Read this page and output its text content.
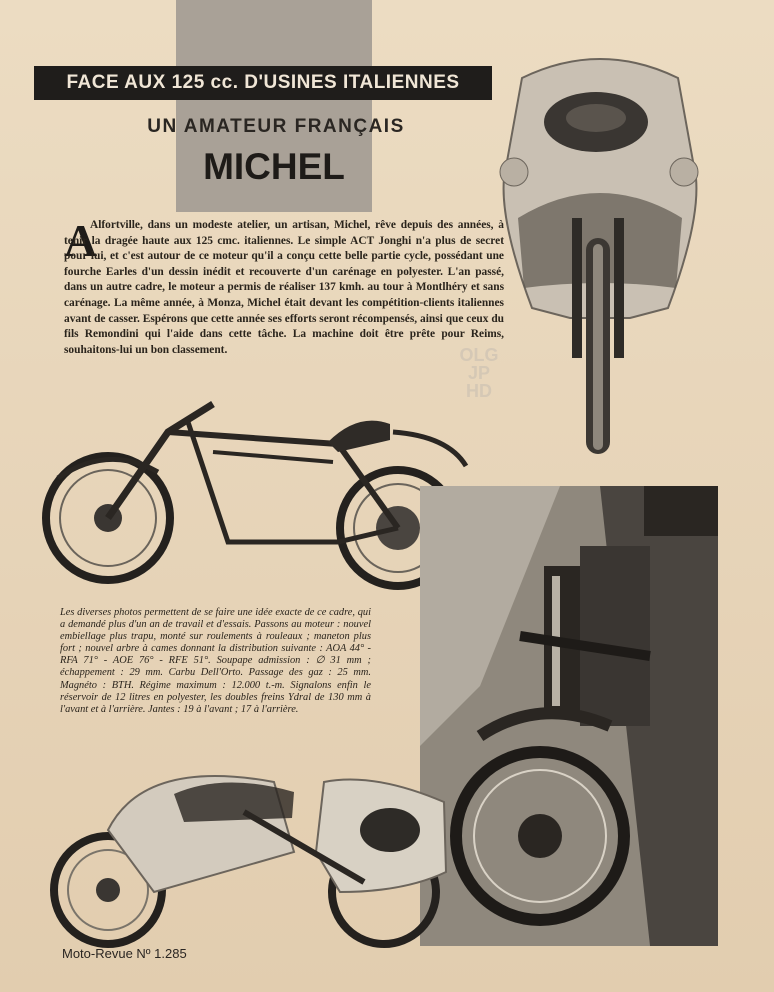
FACE AUX 125 cc. D'USINES ITALIENNES
UN AMATEUR FRANÇAIS
MICHEL
A
Alfortville, dans un modeste atelier, un artisan, Michel, rêve depuis des années, à tenir la dragée haute aux 125 cmc. italiennes. Le simple ACT Jonghi n'a plus de secret pour lui, et c'est autour de ce moteur qu'il a conçu cette belle partie cycle, possédant une fourche Earles d'un dessin inédit et recouverte d'un carénage en polyester. L'an passé, dans un autre cadre, le moteur a permis de réaliser 137 kmh. au tour à Montlhéry et sans carénage. La même année, à Monza, Michel était devant les compétition-clients italiennes avant de casser. Espérons que cette année ses efforts seront récompensés, ainsi que ceux du fils Remondini qui l'aide dans cette tâche. La machine doit être prête pour Reims, souhaitons-lui un bon classement.	OLG
JP
HD
Les diverses photos permettent de se faire une idée exacte de ce cadre, qui a demandé plus d'un an de travail et d'essais. Passons au moteur : nouvel embiellage plus trapu, monté sur roulements à rouleaux ; maneton plus fort ; nouvel arbre à cames donnant la distribution suivante : AOA 44° - RFA 71° - AOE 76° - RFE 51°. Soupape admission : ∅ 31 mm ; échappement : 29 mm. Carbu Dell'Orto. Passage des gaz : 25 mm. Magnéto : BTH. Régime maximum : 12.000 t.-m. Signalons enfin le réservoir de 12 litres en polyester, les doubles freins Ydral de 130 mm à l'avant et à l'arrière. Jantes : 19 à l'avant ; 17 à l'arrière.
Moto-Revue Nº 1.285
